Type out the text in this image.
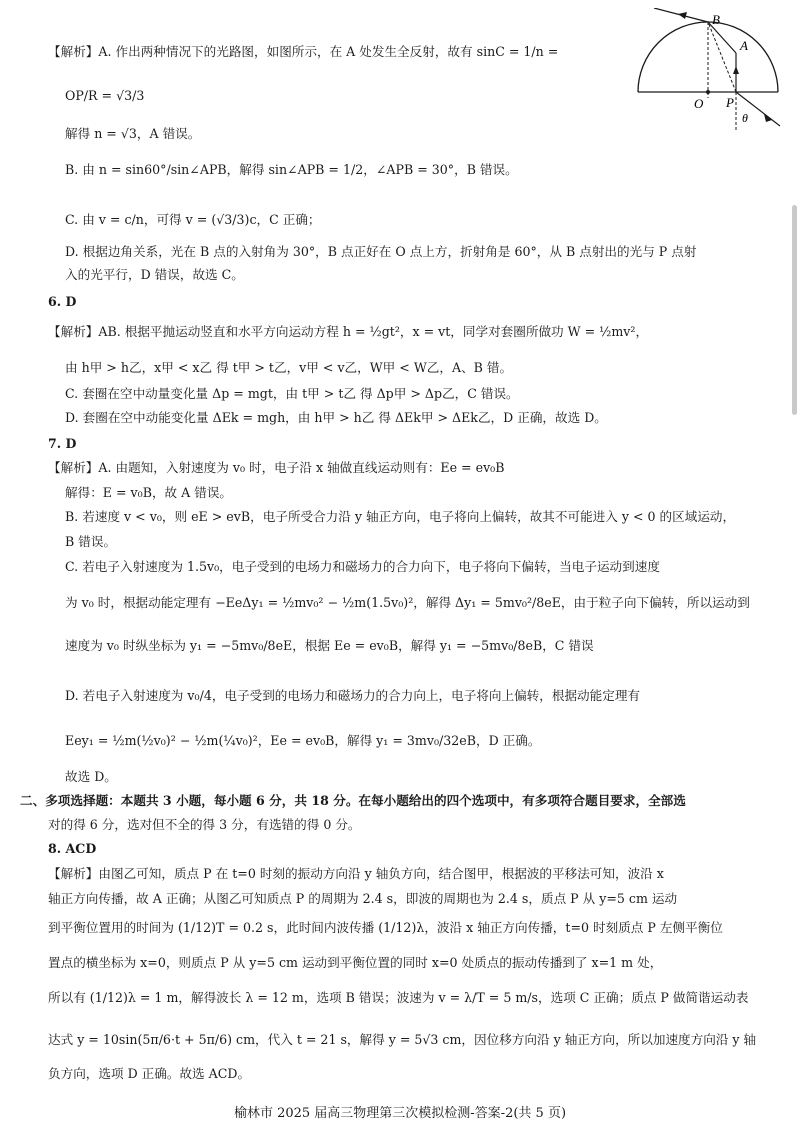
B
A
O P
θ

【解析】A. 作出两种情况下的光路图，如图所示，在 A 处发生全反射，故有 sinC = 1/n =

OP/R = √3/3

解得 n = √3，A 错误。

B. 由 n = sin60°/sin∠APB，解得 sin∠APB = 1/2，∠APB = 30°，B 错误。

C. 由 v = c/n，可得 v = (√3/3)c，C 正确；

D. 根据边角关系，光在 B 点的入射角为 30°，B 点正好在 O 点上方，折射角是 60°，从 B 点射出的光与 P 点射

入的光平行，D 错误，故选 C。

6. D

【解析】AB. 根据平抛运动竖直和水平方向运动方程 h = ½gt²，x = vt，同学对套圈所做功 W = ½mv²，

由 h甲 > h乙，x甲 < x乙 得 t甲 > t乙，v甲 < v乙，W甲 < W乙，A、B 错。

C. 套圈在空中动量变化量 Δp = mgt，由 t甲 > t乙 得 Δp甲 > Δp乙，C 错误。

D. 套圈在空中动能变化量 ΔEk = mgh，由 h甲 > h乙 得 ΔEk甲 > ΔEk乙，D 正确，故选 D。

7. D

【解析】A. 由题知，入射速度为 v₀ 时，电子沿 x 轴做直线运动则有：Ee = ev₀B

解得：E = v₀B，故 A 错误。

B. 若速度 v < v₀，则 eE > evB，电子所受合力沿 y 轴正方向，电子将向上偏转，故其不可能进入 y < 0 的区域运动，

B 错误。

C. 若电子入射速度为 1.5v₀，电子受到的电场力和磁场力的合力向下，电子将向下偏转，当电子运动到速度

为 v₀ 时，根据动能定理有 −EeΔy₁ = ½mv₀² − ½m(1.5v₀)²，解得 Δy₁ = 5mv₀²/8eE，由于粒子向下偏转，所以运动到

速度为 v₀ 时纵坐标为 y₁ = −5mv₀/8eE，根据 Ee = ev₀B，解得 y₁ = −5mv₀/8eB，C 错误

D. 若电子入射速度为 v₀/4，电子受到的电场力和磁场力的合力向上，电子将向上偏转，根据动能定理有

Eey₁ = ½m(½v₀)² − ½m(¼v₀)²，Ee = ev₀B，解得 y₁ = 3mv₀/32eB，D 正确。

故选 D。

二、多项选择题：本题共 3 小题，每小题 6 分，共 18 分。在每小题给出的四个选项中，有多项符合题目要求，全部选

对的得 6 分，选对但不全的得 3 分，有选错的得 0 分。

8. ACD

【解析】由图乙可知，质点 P 在 t=0 时刻的振动方向沿 y 轴负方向，结合图甲，根据波的平移法可知，波沿 x

轴正方向传播，故 A 正确；从图乙可知质点 P 的周期为 2.4 s，即波的周期也为 2.4 s，质点 P 从 y=5 cm 运动

到平衡位置用的时间为 (1/12)T = 0.2 s，此时间内波传播 (1/12)λ，波沿 x 轴正方向传播，t=0 时刻质点 P 左侧平衡位

置点的横坐标为 x=0，则质点 P 从 y=5 cm 运动到平衡位置的同时 x=0 处质点的振动传播到了 x=1 m 处，

所以有 (1/12)λ = 1 m，解得波长 λ = 12 m，选项 B 错误；波速为 v = λ/T = 5 m/s，选项 C 正确；质点 P 做简谐运动表

达式 y = 10sin(5π/6·t + 5π/6) cm，代入 t = 21 s，解得 y = 5√3 cm，因位移方向沿 y 轴正方向，所以加速度方向沿 y 轴

负方向，选项 D 正确。故选 ACD。

榆林市 2025 届高三物理第三次模拟检测-答案-2(共 5 页)
